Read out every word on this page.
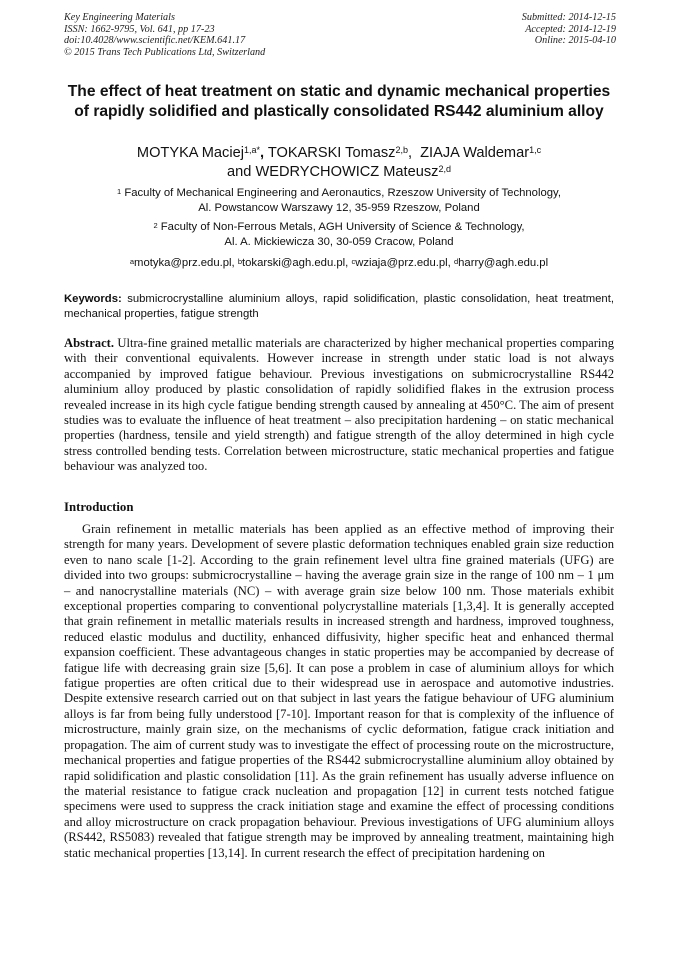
Key Engineering Materials
ISSN: 1662-9795, Vol. 641, pp 17-23
doi:10.4028/www.scientific.net/KEM.641.17
© 2015 Trans Tech Publications Ltd, Switzerland
Submitted: 2014-12-15
Accepted: 2014-12-19
Online: 2015-04-10
The effect of heat treatment on static and dynamic mechanical properties of rapidly solidified and plastically consolidated RS442 aluminium alloy
MOTYKA Maciej$^{1,a*}$, TOKARSKI Tomasz$^{2,b}$,  ZIAJA Waldemar$^{1,c}$
and WEDRYCHOWICZ Mateusz$^{2,d}$
$^1$ Faculty of Mechanical Engineering and Aeronautics, Rzeszow University of Technology,
Al. Powstancow Warszawy 12, 35-959 Rzeszow, Poland
$^2$ Faculty of Non-Ferrous Metals, AGH University of Science & Technology,
Al. A. Mickiewicza 30, 30-059 Cracow, Poland
$^a$motyka@prz.edu.pl, $^b$tokarski@agh.edu.pl, $^c$wziaja@prz.edu.pl, $^d$harry@agh.edu.pl
Keywords: submicrocrystalline aluminium alloys, rapid solidification, plastic consolidation, heat treatment, mechanical properties, fatigue strength
Abstract. Ultra-fine grained metallic materials are characterized by higher mechanical properties comparing with their conventional equivalents. However increase in strength under static load is not always accompanied by improved fatigue behaviour. Previous investigations on submicrocrystalline RS442 aluminium alloy produced by plastic consolidation of rapidly solidified flakes in the extrusion process revealed increase in its high cycle fatigue bending strength caused by annealing at 450°C. The aim of present studies was to evaluate the influence of heat treatment – also precipitation hardening – on static mechanical properties (hardness, tensile and yield strength) and fatigue strength of the alloy determined in high cycle stress controlled bending tests. Correlation between microstructure, static mechanical properties and fatigue behaviour was analyzed too.
Introduction

Grain refinement in metallic materials has been applied as an effective method of improving their strength for many years. Development of severe plastic deformation techniques enabled grain size reduction even to nano scale [1-2]. According to the grain refinement level ultra fine grained materials (UFG) are divided into two groups: submicrocrystalline – having the average grain size in the range of 100 nm – 1 μm – and nanocrystalline materials (NC) – with average grain size below 100 nm. Those materials exhibit exceptional properties comparing to conventional polycrystalline materials [1,3,4]. It is generally accepted that grain refinement in metallic materials results in increased strength and hardness, improved toughness, reduced elastic modulus and ductility, enhanced diffusivity, higher specific heat and enhanced thermal expansion coefficient. These advantageous changes in static properties may be accompanied by decrease of fatigue life with decreasing grain size [5,6]. It can pose a problem in case of aluminium alloys for which fatigue properties are often critical due to their widespread use in aerospace and automotive industries. Despite extensive research carried out on that subject in last years the fatigue behaviour of UFG aluminium alloys is far from being fully understood [7-10]. Important reason for that is complexity of the influence of microstructure, mainly grain size, on the mechanisms of cyclic deformation, fatigue crack initiation and propagation. The aim of current study was to investigate the effect of processing route on the microstructure, mechanical properties and fatigue properties of the RS442 submicrocrystalline aluminium alloy obtained by rapid solidification and plastic consolidation [11]. As the grain refinement has usually adverse influence on the material resistance to fatigue crack nucleation and propagation [12] in current tests notched fatigue specimens were used to suppress the crack initiation stage and examine the effect of processing conditions and alloy microstructure on crack propagation behaviour. Previous investigations of UFG aluminium alloys (RS442, RS5083) revealed that fatigue strength may be improved by annealing treatment, maintaining high static mechanical properties [13,14]. In current research the effect of precipitation hardening on
